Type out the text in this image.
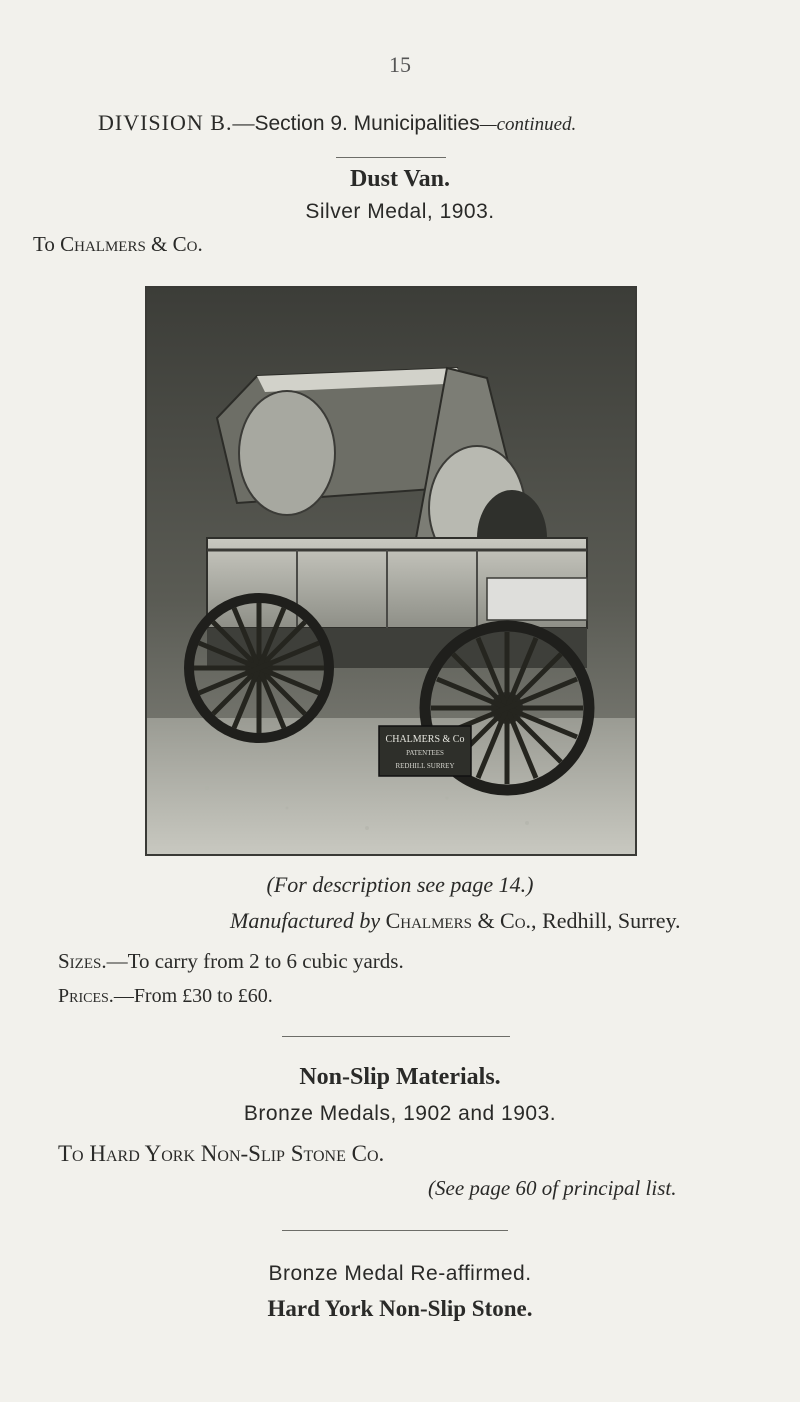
15
DIVISION B.—Section 9. Municipalities—continued.
Dust Van.
Silver Medal, 1903.
To Chalmers & Co.
CHALMERS & Co
PATENTEES
REDHILL SURREY
(For description see page 14.)
Manufactured by Chalmers & Co., Redhill, Surrey.
Sizes.—To carry from 2 to 6 cubic yards.
Prices.—From £30 to £60.
Non-Slip Materials.
Bronze Medals, 1902 and 1903.
To Hard York Non-Slip Stone Co.
(See page 60 of principal list.
Bronze Medal Re-affirmed.
Hard York Non-Slip Stone.
